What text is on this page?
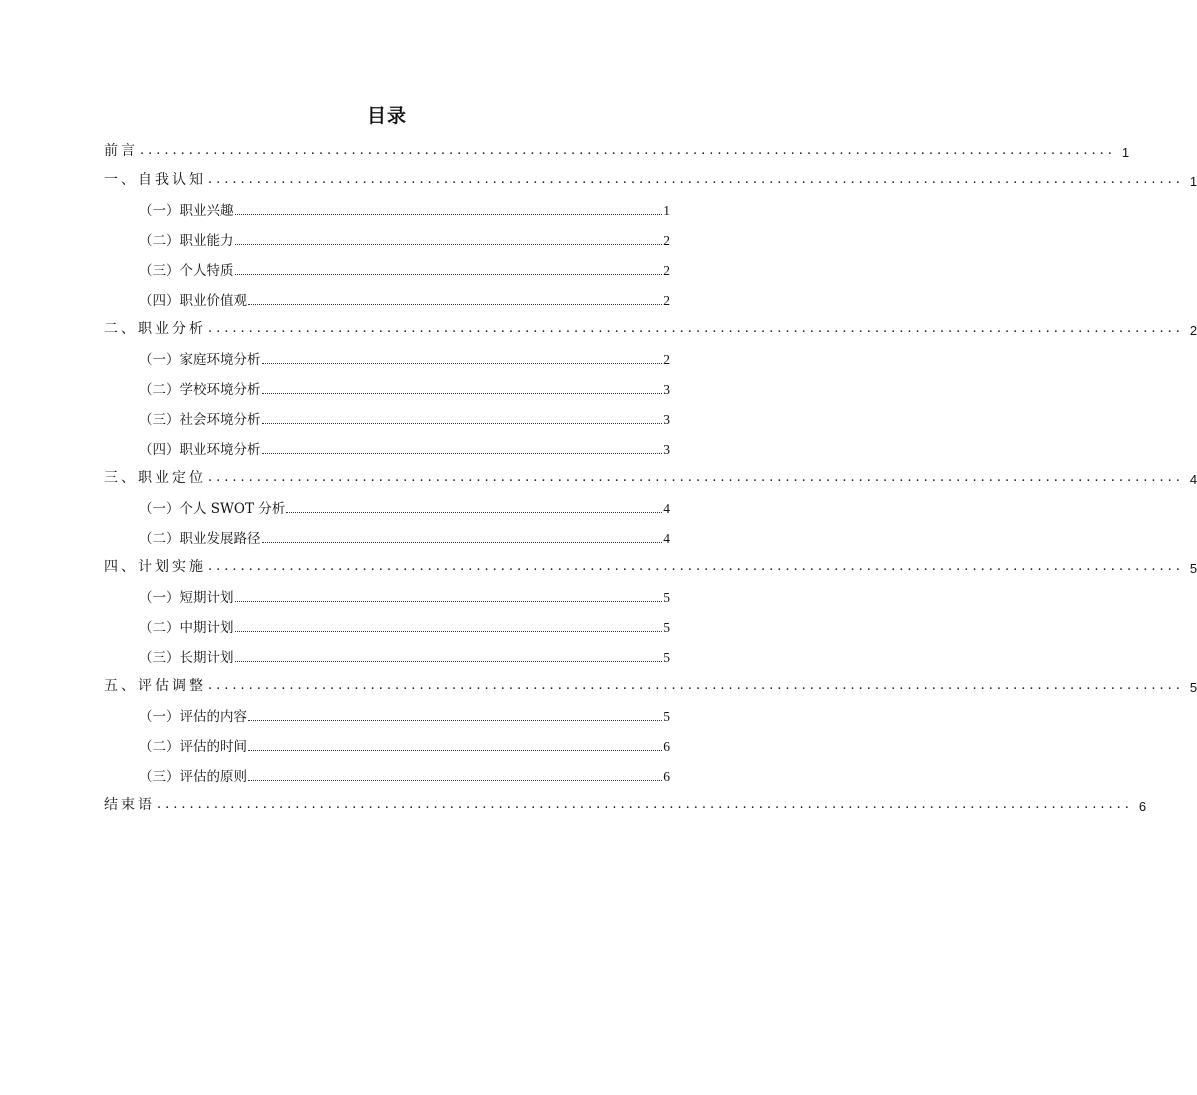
目录
前言 ........................................................................................................................ 1
一、自我认知 ........................................................................................................................ 1
（一）职业兴趣	1
（二）职业能力	2
（三）个人特质	2
（四）职业价值观	2
二、职业分析 ........................................................................................................................ 2
（一）家庭环境分析	2
（二）学校环境分析	3
（三）社会环境分析	3
（四）职业环境分析	3
三、职业定位 ........................................................................................................................ 4
（一）个人 SWOT 分析	4
（二）职业发展路径	4
四、计划实施 ........................................................................................................................ 5
（一）短期计划	5
（二）中期计划	5
（三）长期计划	5
五、评估调整 ........................................................................................................................ 5
（一）评估的内容	5
（二）评估的时间	6
（三）评估的原则	6
结束语 ........................................................................................................................ 6
